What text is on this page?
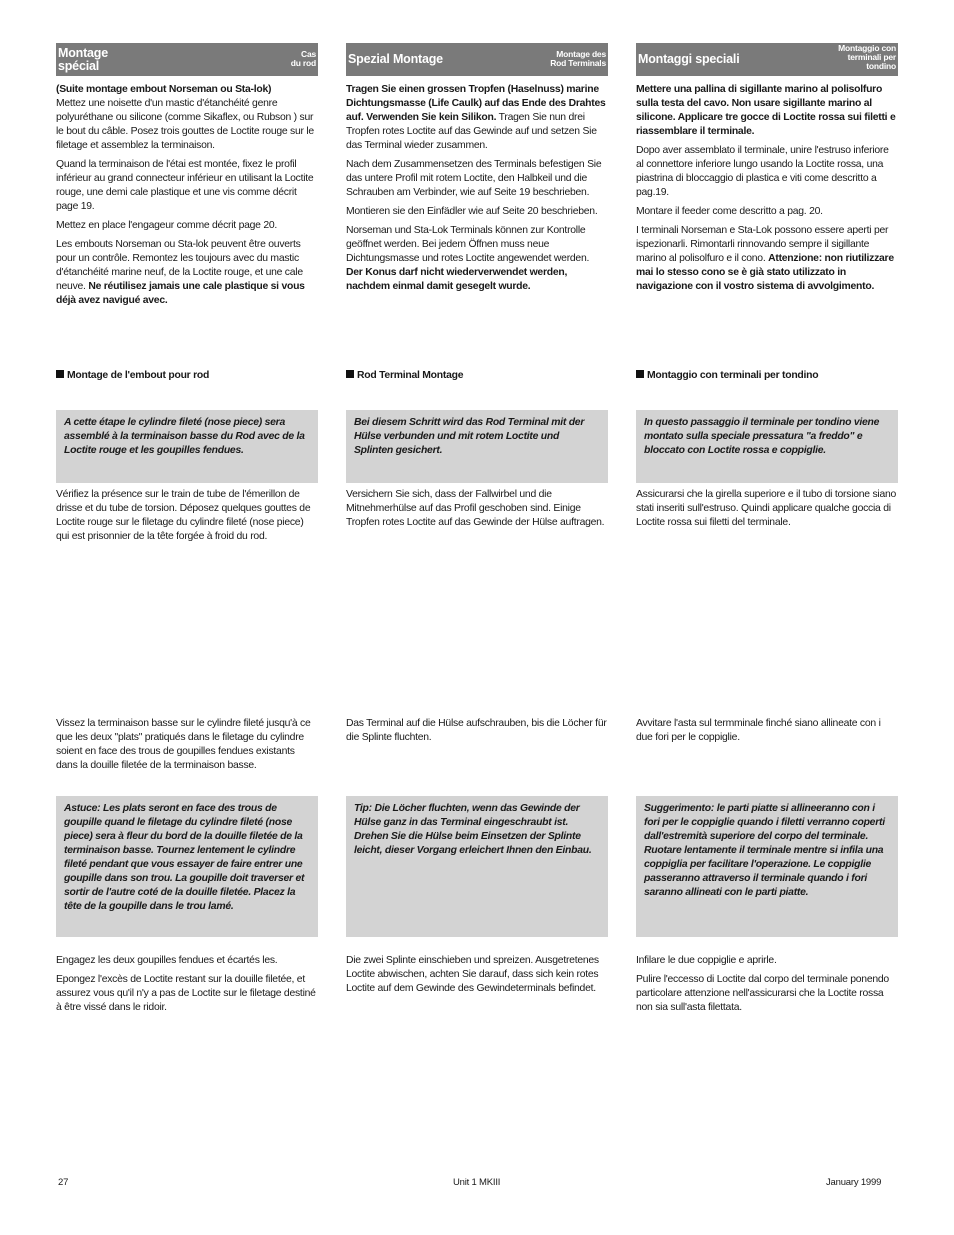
Montage
spécial
Cas
du rod	Spezial Montage	Montage des
Rod Terminals	Montaggi speciali
Montaggio con
terminali per
tondino

(Suite montage embout Norseman ou Sta-lok)

Mettez une noisette d'un mastic d'étanchéité genre polyuréthane ou silicone (comme Sikaflex, ou Rubson ) sur le bout du câble. Posez trois gouttes de Loctite rouge sur le filetage et assemblez la terminaison.

Quand la terminaison de l'étai est montée, fixez le profil inférieur au grand connecteur inférieur en utilisant la Loctite rouge, une demi cale plastique et une vis comme décrit page 19.

Mettez en place l'engageur comme décrit page 20.

Les embouts Norseman ou Sta-lok peuvent être ouverts pour un contrôle. Remontez les toujours avec du mastic d'étanchéité marine neuf, de la Loctite rouge, et une cale neuve. Ne réutilisez jamais une cale plastique si vous déjà avez navigué avec.

Tragen Sie einen grossen Tropfen (Haselnuss) marine Dichtungsmasse (Life Caulk) auf das Ende des Drahtes auf. Verwenden Sie kein Silikon. Tragen Sie nun drei Tropfen rotes Loctite auf das Gewinde auf und setzen Sie das Terminal wieder zusammen.

Nach dem Zusammensetzen des Terminals befestigen Sie das untere Profil mit rotem Loctite, den Halbkeil und die Schrauben am Verbinder, wie auf Seite 19 beschrieben.

Montieren sie den Einfädler wie auf Seite 20 beschrieben.

Norseman und Sta-Lok Terminals können zur Kontrolle geöffnet werden. Bei jedem Öffnen muss neue Dichtungsmasse und rotes Loctite angewendet werden. Der Konus darf nicht wiederverwendet werden, nachdem einmal damit gesegelt wurde.

Mettere una pallina di sigillante marino al polisolfuro sulla testa del cavo. Non usare sigillante marino al silicone. Applicare tre gocce di Loctite rossa sui filetti e riassemblare il terminale.

Dopo aver assemblato il terminale, unire l'estruso inferiore al connettore inferiore lungo usando la Loctite rossa, una piastrina di bloccaggio di plastica e viti come descritto a pag.19.

Montare il feeder come descritto a pag. 20.

I terminali Norseman e Sta-Lok possono essere aperti per ispezionarli. Rimontarli rinnovando sempre il sigillante marino al polisolfuro e il cono. Attenzione: non riutilizzare mai lo stesso cono se è già stato utilizzato in navigazione con il vostro sistema di avvolgimento.

Montage de l'embout pour rod	Rod Terminal Montage	Montaggio con terminali per tondino

A cette étape le cylindre fileté (nose piece) sera assemblé à la terminaison basse du Rod avec de la Loctite rouge et les goupilles fendues.

Bei diesem Schritt wird das Rod Terminal mit der Hülse verbunden und mit rotem Loctite und Splinten gesichert.

In questo passaggio il terminale per tondino viene montato sulla speciale pressatura "a freddo" e bloccato con Loctite rossa e coppiglie.

Vérifiez la présence sur le train de tube de l'émerillon de drisse et du tube de torsion. Déposez quelques gouttes de Loctite rouge sur le filetage du cylindre fileté (nose piece) qui est prisonnier de la tête forgée à froid du rod.

Versichern Sie sich, dass der Fallwirbel und die Mitnehmerhülse auf das Profil geschoben sind. Einige Tropfen rotes Loctite auf das Gewinde der Hülse auftragen.

Assicurarsi che la girella superiore e il tubo di torsione siano stati inseriti sull'estruso. Quindi applicare qualche goccia di Loctite rossa sui filetti del terminale.

Vissez la terminaison basse sur le cylindre fileté jusqu'à ce que les deux "plats" pratiqués dans le filetage du cylindre soient en face des trous de goupilles fendues existants dans la douille filetée de la terminaison basse.

Das Terminal auf die Hülse aufschrauben, bis die Löcher für die Splinte fluchten.

Avvitare l'asta sul termminale finché siano allineate con i due fori per le coppiglie.

Astuce: Les plats seront en face des trous de goupille quand le filetage du cylindre fileté (nose piece) sera à fleur du bord de la douille filetée de la terminaison basse. Tournez lentement le cylindre fileté pendant que vous essayer de faire entrer une goupille dans son trou. La goupille doit traverser et sortir de l'autre coté de la douille filetée. Placez la tête de la goupille dans le trou lamé.

Tip: Die Löcher fluchten, wenn das Gewinde der Hülse ganz in das Terminal eingeschraubt ist. Drehen Sie die Hülse beim Einsetzen der Splinte leicht, dieser Vorgang erleichert Ihnen den Einbau.

Suggerimento: le parti piatte si allineeranno con i fori per le coppiglie quando i filetti verranno coperti dall'estremità superiore del corpo del terminale. Ruotare lentamente il terminale mentre si infila una coppiglia per facilitare l'operazione. Le coppiglie passeranno attraverso il terminale quando i fori saranno allineati con le parti piatte.

Engagez les deux goupilles fendues et écartés les.

Epongez l'excès de Loctite restant sur la douille filetée, et assurez vous qu'il n'y a pas de Loctite sur le filetage destiné à être vissé dans le ridoir.

Die zwei Splinte einschieben und spreizen. Ausgetretenes Loctite abwischen, achten Sie darauf, dass sich kein rotes Loctite auf dem Gewinde des Gewindeterminals befindet.

Infilare le due coppiglie e aprirle.

Pulire l'eccesso di Loctite dal corpo del terminale ponendo particolare attenzione nell'assicurarsi che la Loctite rossa non sia sull'asta filettata.

27	Unit 1 MKIII	January 1999
